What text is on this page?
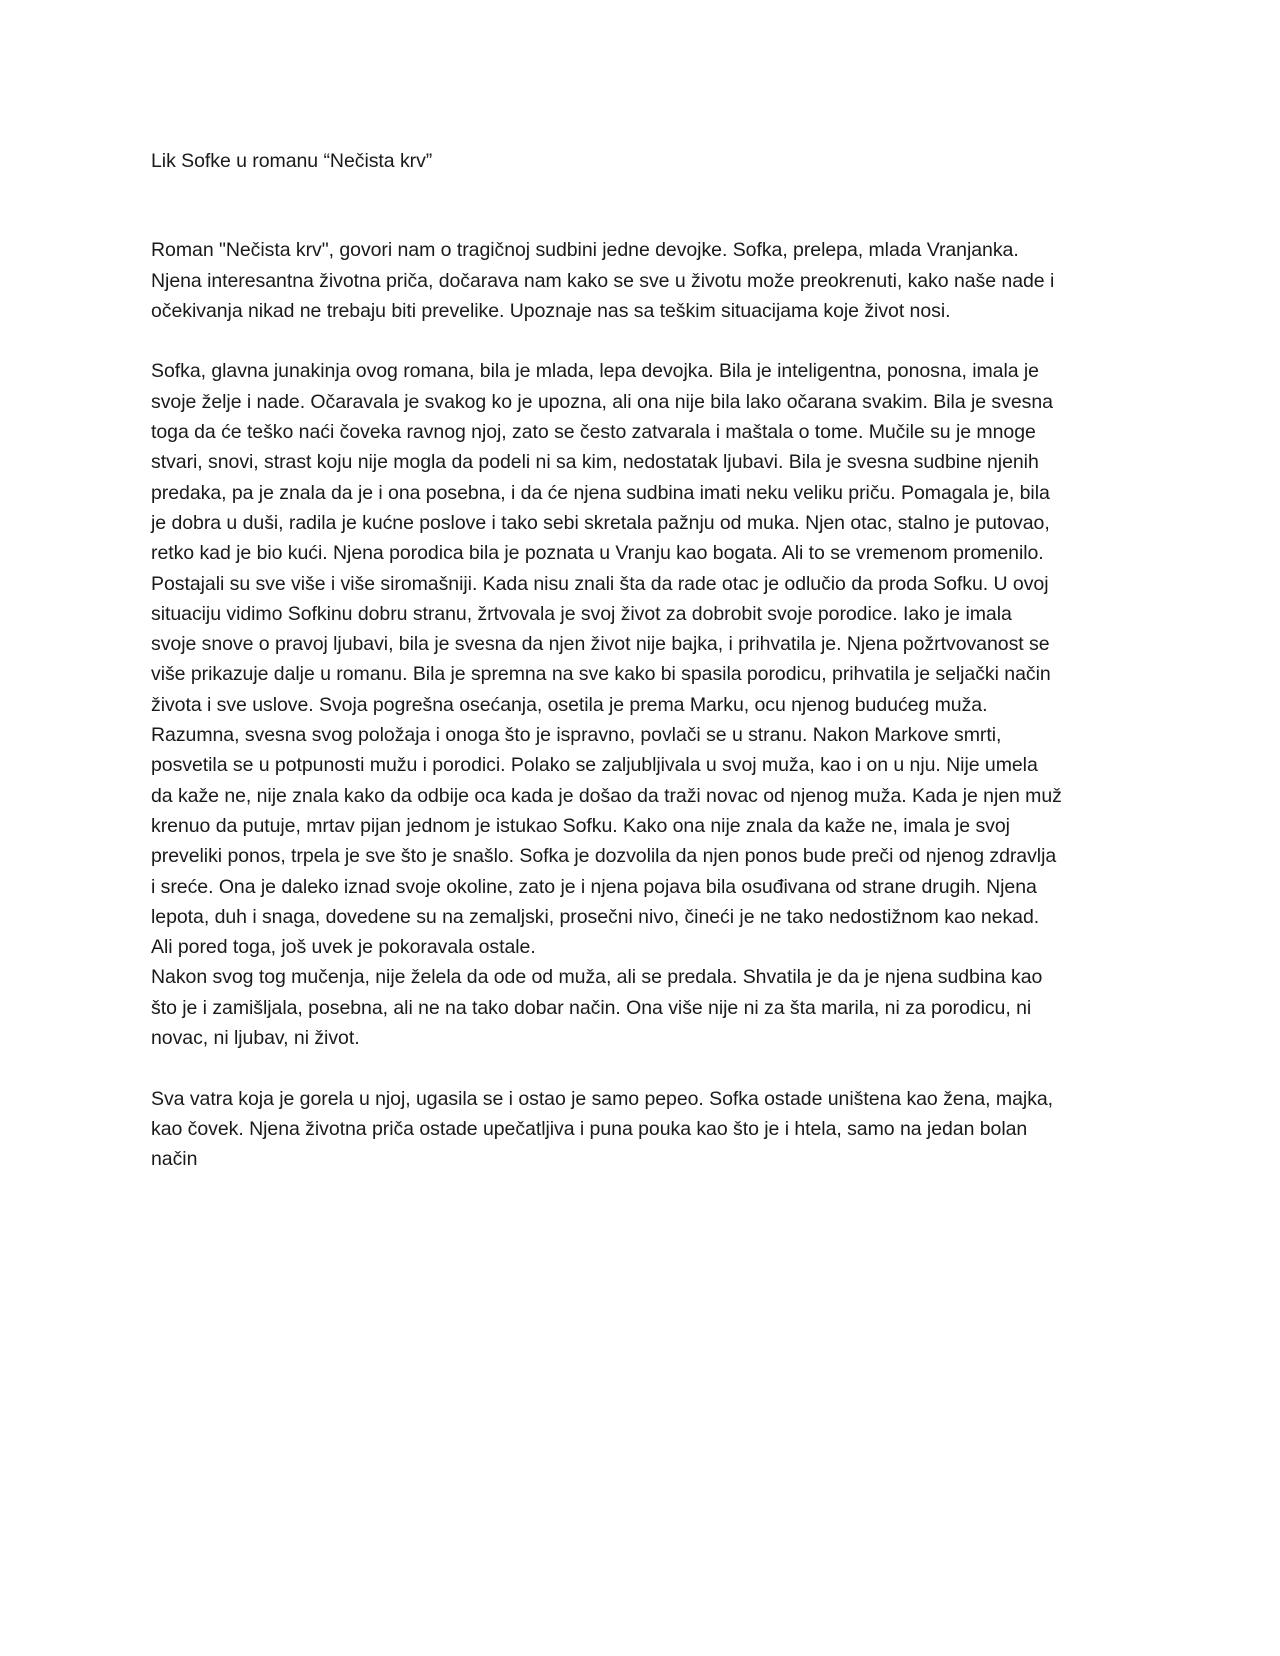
Lik Sofke u romanu “Nečista krv”

Roman "Nečista krv", govori nam o tragičnoj sudbini jedne devojke. Sofka, prelepa, mlada Vranjanka.
Njena interesantna životna priča, dočarava nam kako se sve u životu može preokrenuti, kako naše nade i
očekivanja nikad ne trebaju biti prevelike. Upoznaje nas sa teškim situacijama koje život nosi.

Sofka, glavna junakinja ovog romana, bila je mlada, lepa devojka. Bila je inteligentna, ponosna, imala je
svoje želje i nade. Očaravala je svakog ko je upozna, ali ona nije bila lako očarana svakim. Bila je svesna
toga da će teško naći čoveka ravnog njoj, zato se često zatvarala i maštala o tome. Mučile su je mnoge
stvari, snovi, strast koju nije mogla da podeli ni sa kim, nedostatak ljubavi. Bila je svesna sudbine njenih
predaka, pa je znala da je i ona posebna, i da će njena sudbina imati neku veliku priču. Pomagala je, bila
je dobra u duši, radila je kućne poslove i tako sebi skretala pažnju od muka. Njen otac, stalno je putovao,
retko kad je bio kući. Njena porodica bila je poznata u Vranju kao bogata. Ali to se vremenom promenilo.
Postajali su sve više i više siromašniji. Kada nisu znali šta da rade otac je odlučio da proda Sofku. U ovoj
situaciju vidimo Sofkinu dobru stranu, žrtvovala je svoj život za dobrobit svoje porodice. Iako je imala
svoje snove o pravoj ljubavi, bila je svesna da njen život nije bajka, i prihvatila je. Njena požrtvovanost se
više prikazuje dalje u romanu. Bila je spremna na sve kako bi spasila porodicu, prihvatila je seljački način
života i sve uslove. Svoja pogrešna osećanja, osetila je prema Marku, ocu njenog budućeg muža.
Razumna, svesna svog položaja i onoga što je ispravno, povlači se u stranu. Nakon Markove smrti,
posvetila se u potpunosti mužu i porodici. Polako se zaljubljivala u svoj muža, kao i on u nju. Nije umela
da kaže ne, nije znala kako da odbije oca kada je došao da traži novac od njenog muža. Kada je njen muž
krenuo da putuje, mrtav pijan jednom je istukao Sofku. Kako ona nije znala da kaže ne, imala je svoj
preveliki ponos, trpela je sve što je snašlo. Sofka je dozvolila da njen ponos bude preči od njenog zdravlja
i sreće. Ona je daleko iznad svoje okoline, zato je i njena pojava bila osuđivana od strane drugih. Njena
lepota, duh i snaga, dovedene su na zemaljski, prosečni nivo, čineći je ne tako nedostižnom kao nekad.
Ali pored toga, još uvek je pokoravala ostale.
Nakon svog tog mučenja, nije želela da ode od muža, ali se predala. Shvatila je da je njena sudbina kao
što je i zamišljala, posebna, ali ne na tako dobar način. Ona više nije ni za šta marila, ni za porodicu, ni
novac, ni ljubav, ni život.

Sva vatra koja je gorela u njoj, ugasila se i ostao je samo pepeo. Sofka ostade uništena kao žena, majka,
kao čovek. Njena životna priča ostade upečatljiva i puna pouka kao što je i htela, samo na jedan bolan
način
